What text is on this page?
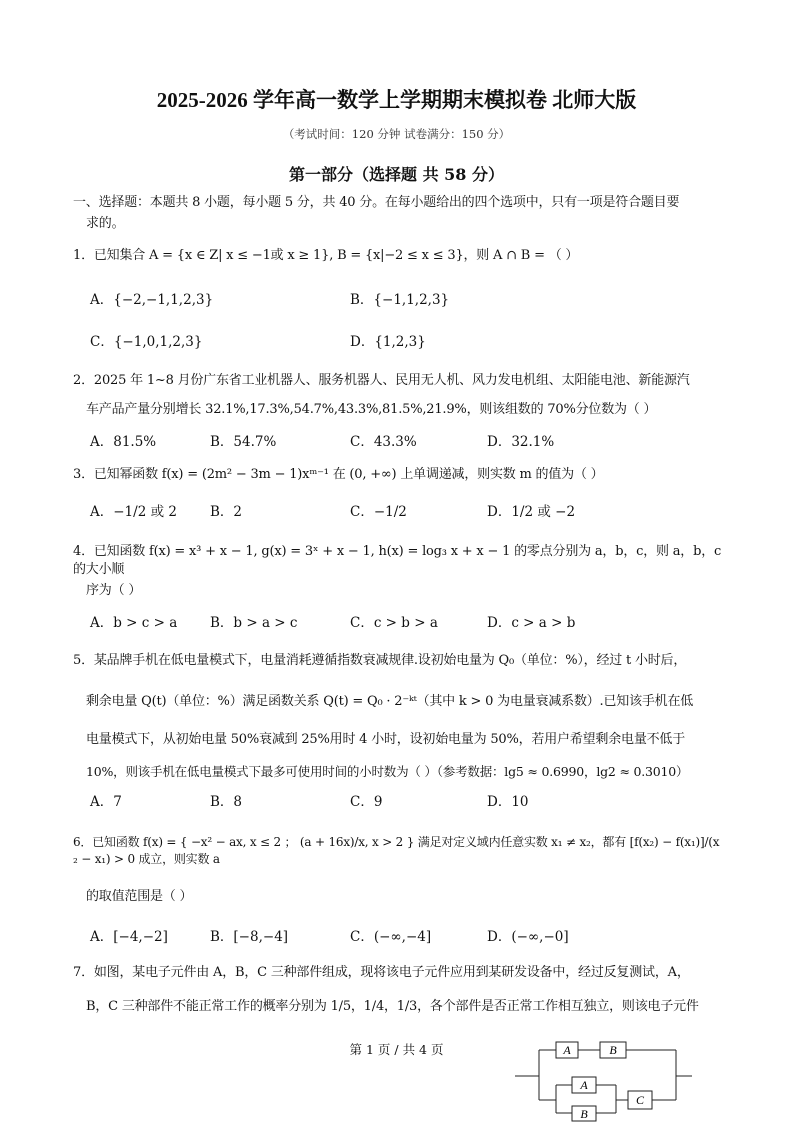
2025-2026 学年高一数学上学期期末模拟卷 北师大版
（考试时间：120 分钟 试卷满分：150 分）
第一部分（选择题 共 58 分）
一、选择题：本题共 8 小题，每小题 5 分，共 40 分。在每小题给出的四个选项中，只有一项是符合题目要
求的。
1．已知集合 A = {x ∈ Z| x ≤ −1或 x ≥ 1}, B = {x|−2 ≤ x ≤ 3}，则 A ∩ B = （ ）
A．{−2,−1,1,2,3}	B．{−1,1,2,3}
C．{−1,0,1,2,3}	D．{1,2,3}
2．2025 年 1~8 月份广东省工业机器人、服务机器人、民用无人机、风力发电机组、太阳能电池、新能源汽
车产品产量分别增长 32.1%,17.3%,54.7%,43.3%,81.5%,21.9%，则该组数的 70%分位数为（ ）
A．81.5%	B．54.7%	C．43.3%	D．32.1%
3．已知幂函数 f(x) = (2m² − 3m − 1)xᵐ⁻¹ 在 (0, +∞) 上单调递减，则实数 m 的值为（ ）
A．−1/2 或 2 B．2	C．−1/2	D．1/2 或 −2
4．已知函数 f(x) = x³ + x − 1, g(x) = 3ˣ + x − 1, h(x) = log₃ x + x − 1 的零点分别为 a，b，c，则 a，b，c 的大小顺
序为（ ）
A．b > c > a B．b > a > c	C．c > b > a	D．c > a > b
5．某品牌手机在低电量模式下，电量消耗遵循指数衰减规律.设初始电量为 Q₀（单位：%），经过 t 小时后，
剩余电量 Q(t)（单位：%）满足函数关系 Q(t) = Q₀ · 2⁻ᵏᵗ（其中 k > 0 为电量衰减系数）.已知该手机在低
电量模式下，从初始电量 50%衰减到 25%用时 4 小时，设初始电量为 50%，若用户希望剩余电量不低于
10%，则该手机在低电量模式下最多可使用时间的小时数为（ ）（参考数据：lg5 ≈ 0.6990，lg2 ≈ 0.3010）
A．7	B．8	C．9	D．10
6．已知函数 f(x) = { −x² − ax, x ≤ 2 ； (a + 16x)/x, x > 2 } 满足对定义域内任意实数 x₁ ≠ x₂，都有 [f(x₂) − f(x₁)]/(x₂ − x₁) > 0 成立，则实数 a
的取值范围是（ ）
A．[−4,−2]	B．[−8,−4]	C．(−∞,−4]	D．(−∞,−0]
7．如图，某电子元件由 A，B，C 三种部件组成，现将该电子元件应用到某研发设备中，经过反复测试，A，
B，C 三种部件不能正常工作的概率分别为 1/5，1/4，1/3，各个部件是否正常工作相互独立，则该电子元件
第 1 页 / 共 4 页	A	B
A
B
C
